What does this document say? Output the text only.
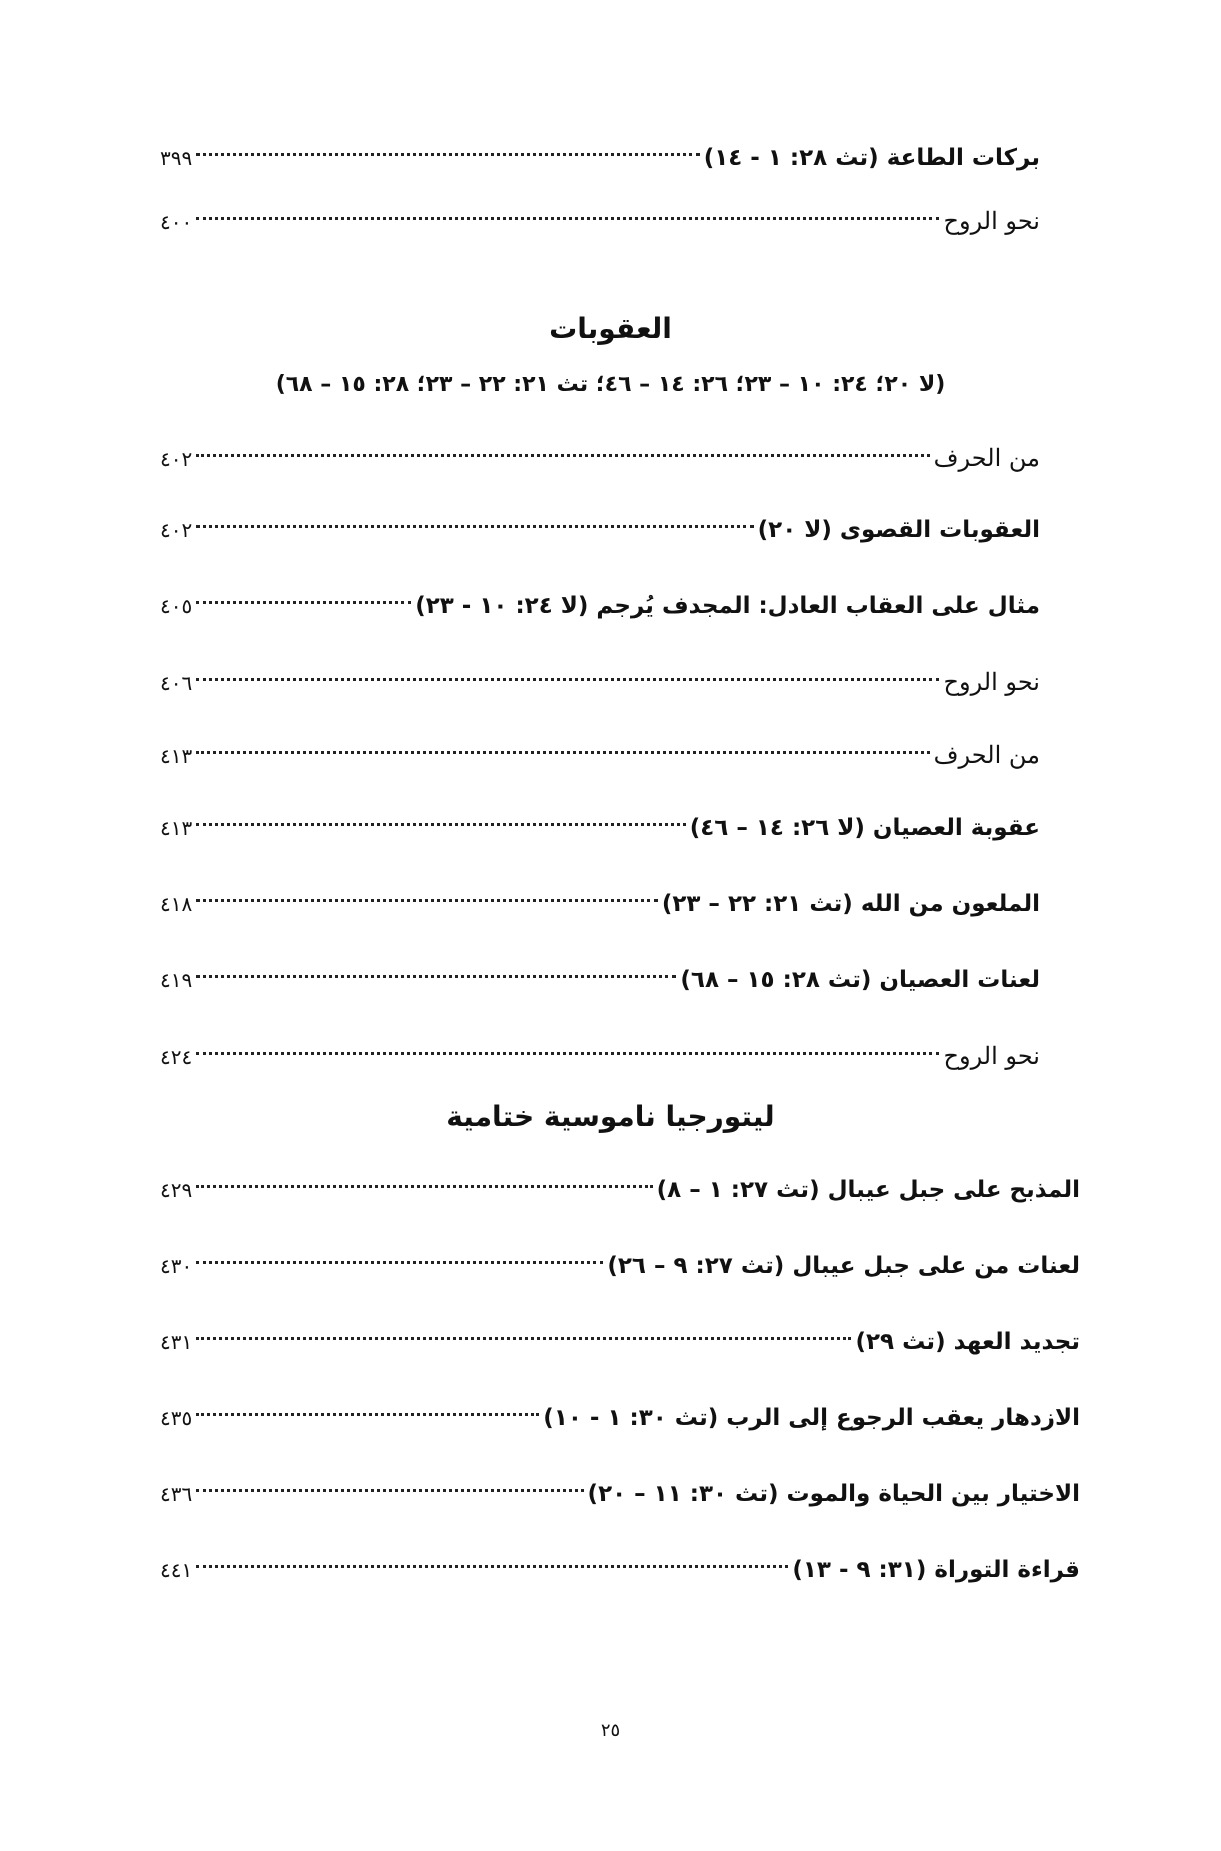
بركات الطاعة (تث ٢٨: ١ - ١٤)
٣٩٩
نحو الروح
٤٠٠
العقوبات
(لا ٢٠؛ ٢٤: ١٠ – ٢٣؛ ٢٦: ١٤ – ٤٦؛ تث ٢١: ٢٢ – ٢٣؛ ٢٨: ١٥ – ٦٨)
من الحرف
٤٠٢
العقوبات القصوى (لا ٢٠)
٤٠٢
مثال على العقاب العادل: المجدف يُرجم (لا ٢٤: ١٠ - ٢٣)
٤٠٥
نحو الروح
٤٠٦
من الحرف
٤١٣
عقوبة العصيان (لا ٢٦: ١٤ – ٤٦)
٤١٣
الملعون من الله (تث ٢١: ٢٢ – ٢٣)
٤١٨
لعنات العصيان (تث ٢٨: ١٥ – ٦٨)
٤١٩
نحو الروح
٤٢٤
ليتورجيا ناموسية ختامية
المذبح على جبل عيبال (تث ٢٧: ١ – ٨)
٤٢٩
لعنات من على جبل عيبال (تث ٢٧: ٩ – ٢٦)
٤٣٠
تجديد العهد (تث ٢٩)
٤٣١
الازدهار يعقب الرجوع إلى الرب (تث ٣٠: ١ - ١٠)
٤٣٥
الاختيار بين الحياة والموت (تث ٣٠: ١١ – ٢٠)
٤٣٦
قراءة التوراة (٣١: ٩ - ١٣)
٤٤١
٢٥
